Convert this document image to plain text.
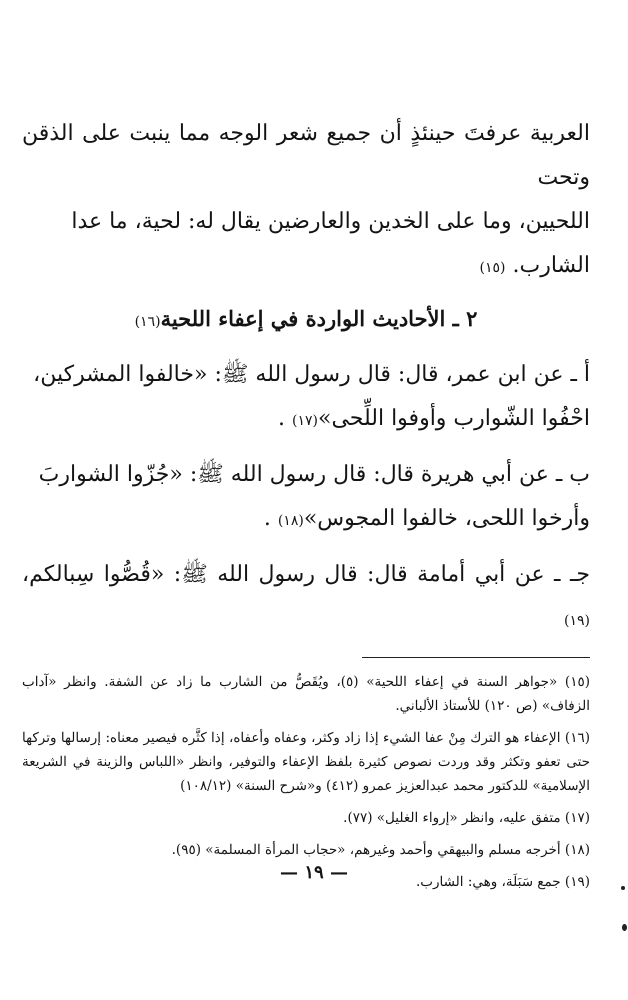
العربية عرفتَ حينئذٍ أن جميع شعر الوجه مما ينبت على الذقن وتحت

اللحيين، وما على الخدين والعارضين يقال له: لحية، ما عدا

الشارب. (١٥)

٢ ـ الأحاديث الواردة في إعفاء اللحية(١٦)

أ ـ عن ابن عمر، قال: قال رسول الله ﷺ: «خالفوا المشركين،

احْفُوا الشّوارب وأوفوا اللِّحى»(١٧) .

ب ـ عن أبي هريرة قال: قال رسول الله ﷺ: «جُزّوا الشواربَ

وأرخوا اللحى، خالفوا المجوس»(١٨) .

جـ ـ عن أبي أمامة قال: قال رسول الله ﷺ: «قُصُّوا سِبالكم، (١٩)

(١٥) «جواهر السنة في إعفاء اللحية» (٥)، ويُقَصُّ من الشارب ما زاد عن الشفة. وانظر «آداب الزفاف» (ص ١٢٠) للأستاذ الألباني.

(١٦) الإعفاء هو الترك مِنْ عفا الشيء إذا زاد وكثر، وعفاه وأعفاه، إذا كثَّره فيصير معناه: إرسالها وتركها حتى تعفو وتكثر وقد وردت نصوص كثيرة بلفظ الإعفاء والتوفير، وانظر «اللباس والزينة في الشريعة الإسلامية» للدكتور محمد عبدالعزيز عمرو (٤١٢) و«شرح السنة» (١٠٨/١٢)

(١٧) متفق عليه، وانظر «إرواء الغليل» (٧٧).

(١٨) أخرجه مسلم والبيهقي وأحمد وغيرهم، «حجاب المرأة المسلمة» (٩٥).

(١٩) جمع سَبَلَة، وهي: الشارب.

— ١٩ —
